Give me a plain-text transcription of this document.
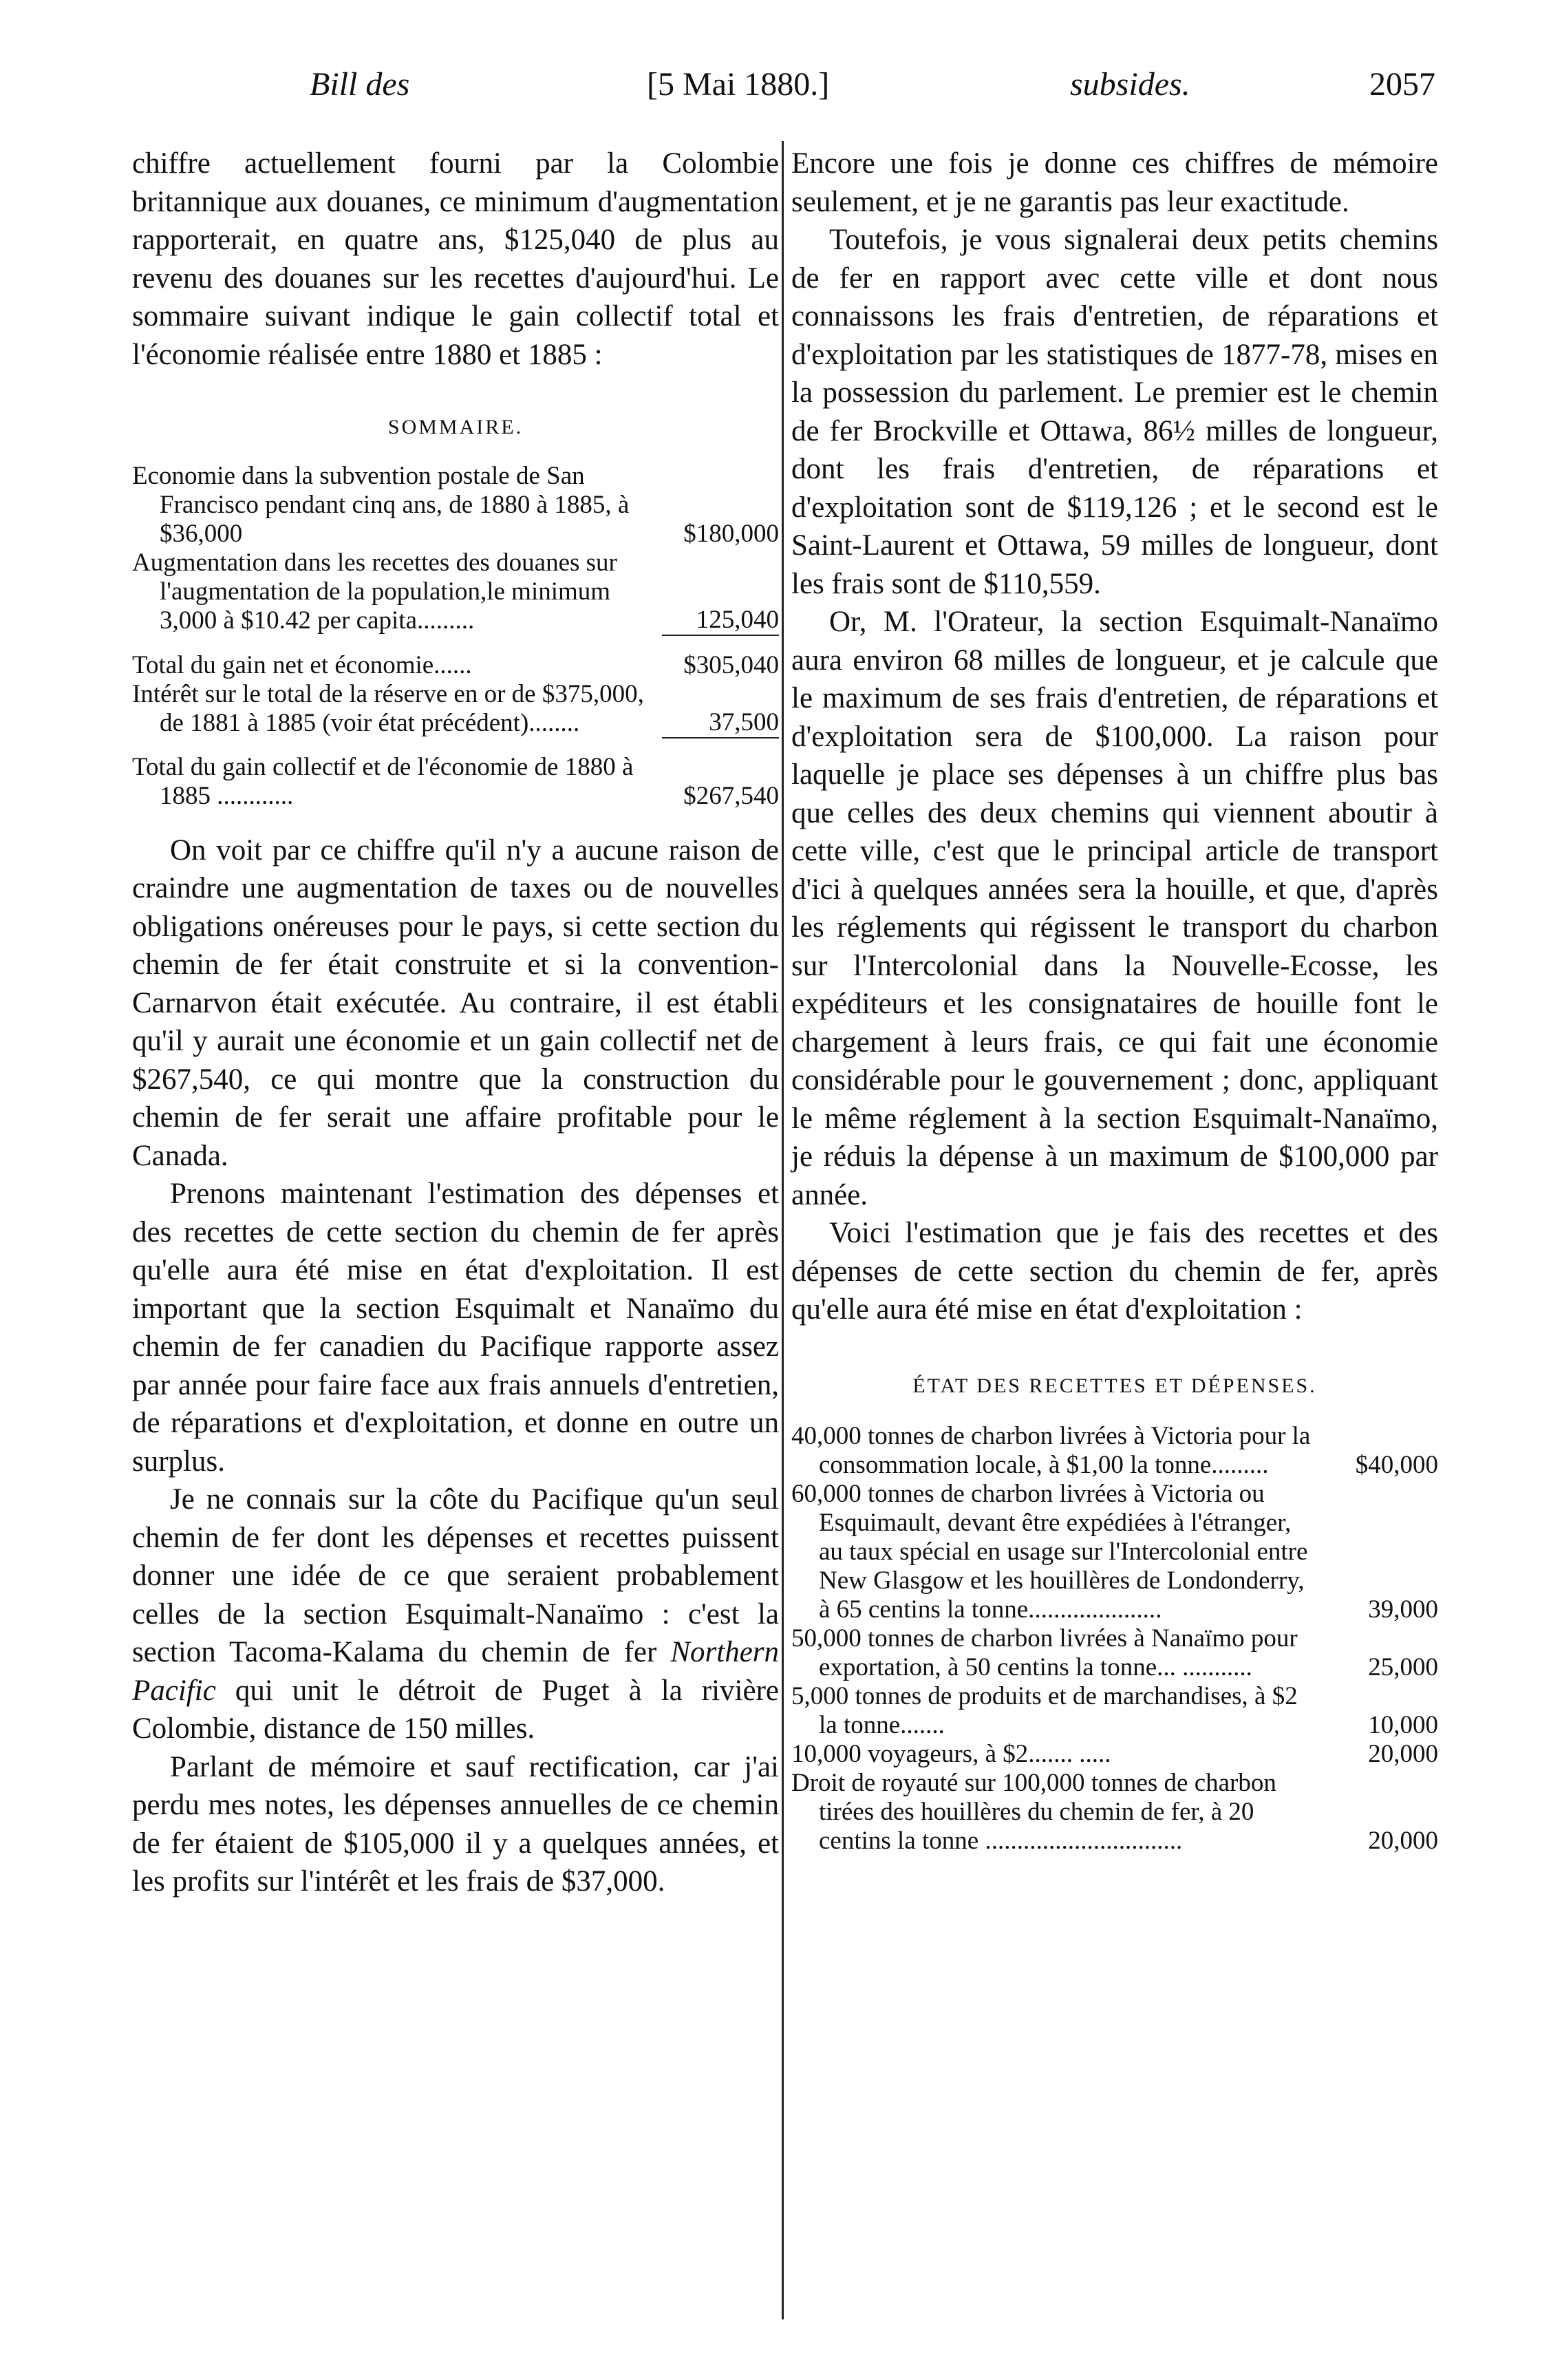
Bill des	[5 Mai 1880.]	subsides.	2057

chiffre actuellement fourni par la Colombie britannique aux douanes, ce minimum d'augmentation rapporterait, en quatre ans, $125,040 de plus au revenu des douanes sur les recettes d'aujourd'hui. Le sommaire suivant indique le gain collectif total et l'économie réalisée entre 1880 et 1885 :

SOMMAIRE.
Economie dans la subvention postale de San Francisco pendant cinq ans, de 1880 à 1885, à $36,000	$180,000
Augmentation dans les recettes des douanes sur l'augmentation de la population,le minimum 3,000 à $10.42 per capita.........	125,040
Total du gain net et économie......	$305,040
Intérêt sur le total de la réserve en or de $375,000, de 1881 à 1885 (voir état précédent)........	37,500
Total du gain collectif et de l'économie de 1880 à 1885 ............	$267,540

On voit par ce chiffre qu'il n'y a aucune raison de craindre une augmentation de taxes ou de nouvelles obligations onéreuses pour le pays, si cette section du chemin de fer était construite et si la convention-Carnarvon était exécutée. Au contraire, il est établi qu'il y aurait une économie et un gain collectif net de $267,540, ce qui montre que la construction du chemin de fer serait une affaire profitable pour le Canada.

Prenons maintenant l'estimation des dépenses et des recettes de cette section du chemin de fer après qu'elle aura été mise en état d'exploitation. Il est important que la section Esquimalt et Nanaïmo du chemin de fer canadien du Pacifique rapporte assez par année pour faire face aux frais annuels d'entretien, de réparations et d'exploitation, et donne en outre un surplus.

Je ne connais sur la côte du Pacifique qu'un seul chemin de fer dont les dépenses et recettes puissent donner une idée de ce que seraient probablement celles de la section Esquimalt-Nanaïmo : c'est la section Tacoma-Kalama du chemin de fer Northern Pacific qui unit le détroit de Puget à la rivière Colombie, distance de 150 milles.

Parlant de mémoire et sauf rectification, car j'ai perdu mes notes, les dépenses annuelles de ce chemin de fer étaient de $105,000 il y a quelques années, et les profits sur l'intérêt et les frais de $37,000.

Encore une fois je donne ces chiffres de mémoire seulement, et je ne garantis pas leur exactitude.

Toutefois, je vous signalerai deux petits chemins de fer en rapport avec cette ville et dont nous connaissons les frais d'entretien, de réparations et d'exploitation par les statistiques de 1877-78, mises en la possession du parlement. Le premier est le chemin de fer Brockville et Ottawa, 86½ milles de longueur, dont les frais d'entretien, de réparations et d'exploitation sont de $119,126 ; et le second est le Saint-Laurent et Ottawa, 59 milles de longueur, dont les frais sont de $110,559.

Or, M. l'Orateur, la section Esquimalt-Nanaïmo aura environ 68 milles de longueur, et je calcule que le maximum de ses frais d'entretien, de réparations et d'exploitation sera de $100,000. La raison pour laquelle je place ses dépenses à un chiffre plus bas que celles des deux chemins qui viennent aboutir à cette ville, c'est que le principal article de transport d'ici à quelques années sera la houille, et que, d'après les réglements qui régissent le transport du charbon sur l'Intercolonial dans la Nouvelle-Ecosse, les expéditeurs et les consignataires de houille font le chargement à leurs frais, ce qui fait une économie considérable pour le gouvernement ; donc, appliquant le même réglement à la section Esquimalt-Nanaïmo, je réduis la dépense à un maximum de $100,000 par année.

Voici l'estimation que je fais des recettes et des dépenses de cette section du chemin de fer, après qu'elle aura été mise en état d'exploitation :

ÉTAT DES RECETTES ET DÉPENSES.
40,000 tonnes de charbon livrées à Victoria pour la consommation locale, à $1,00 la tonne.........	$40,000
60,000 tonnes de charbon livrées à Victoria ou Esquimault, devant être expédiées à l'étranger, au taux spécial en usage sur l'Intercolonial entre New Glasgow et les houillères de Londonderry, à 65 centins la tonne.....................	39,000
50,000 tonnes de charbon livrées à Nanaïmo pour exportation, à 50 centins la tonne... ...........	25,000
5,000 tonnes de produits et de marchandises, à $2 la tonne.......	10,000
10,000 voyageurs, à $2....... .....	20,000
Droit de royauté sur 100,000 tonnes de charbon tirées des houillères du chemin de fer, à 20 centins la tonne ...............................	20,000
